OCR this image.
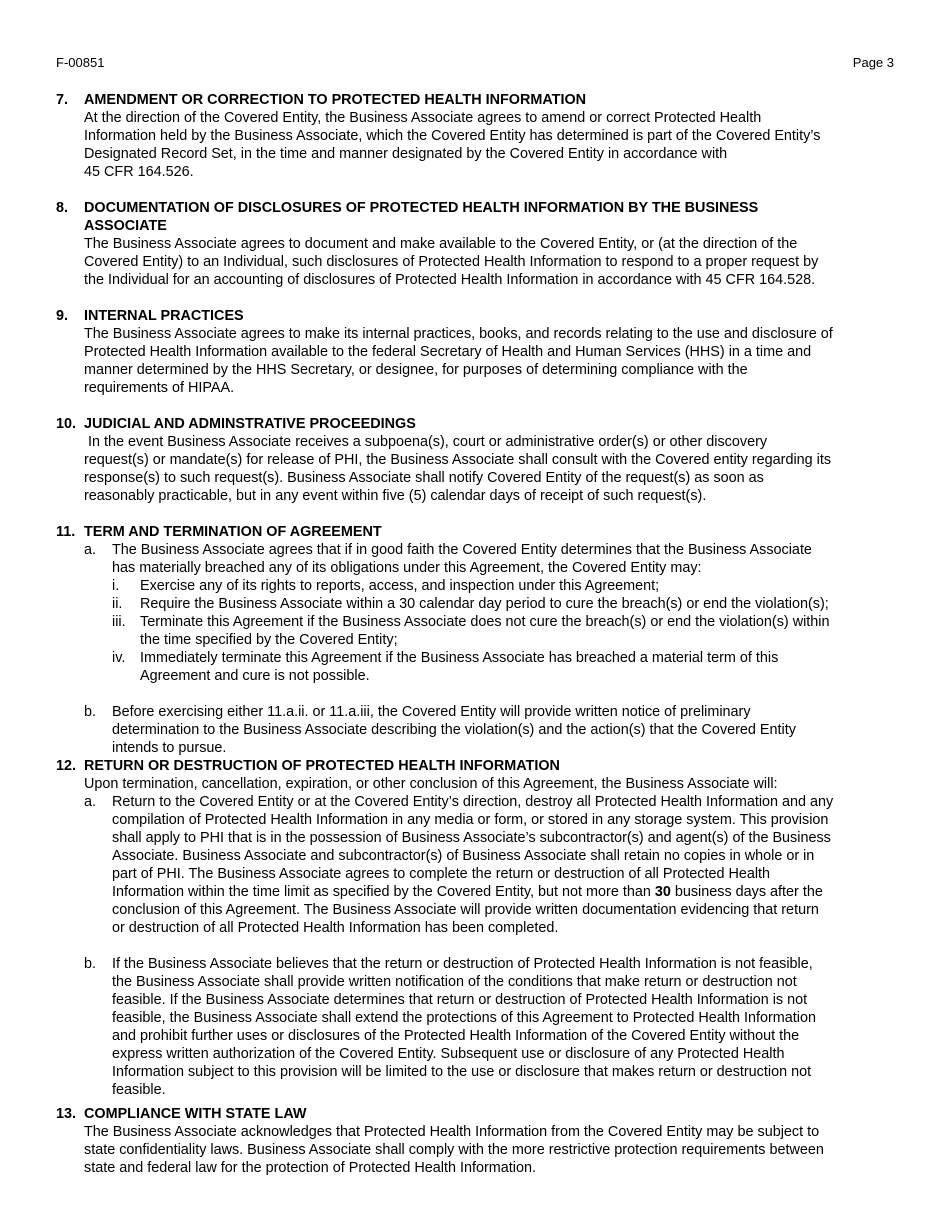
F-00851	Page 3
7.	AMENDMENT OR CORRECTION TO PROTECTED HEALTH INFORMATION

At the direction of the Covered Entity, the Business Associate agrees to amend or correct Protected Health

Information held by the Business Associate, which the Covered Entity has determined is part of the Covered Entity’s

Designated Record Set, in the time and manner designated by the Covered Entity in accordance with

45 CFR 164.526.

8.	DOCUMENTATION OF DISCLOSURES OF PROTECTED HEALTH INFORMATION BY THE BUSINESS
ASSOCIATE

The Business Associate agrees to document and make available to the Covered Entity, or (at the direction of the

Covered Entity) to an Individual, such disclosures of Protected Health Information to respond to a proper request by

the Individual for an accounting of disclosures of Protected Health Information in accordance with 45 CFR 164.528.

9.	INTERNAL PRACTICES

The Business Associate agrees to make its internal practices, books, and records relating to the use and disclosure of

Protected Health Information available to the federal Secretary of Health and Human Services (HHS) in a time and

manner determined by the HHS Secretary, or designee, for purposes of determining compliance with the

requirements of HIPAA.

10. JUDICIAL AND ADMINSTRATIVE PROCEEDINGS

In the event Business Associate receives a subpoena(s), court or administrative order(s) or other discovery

request(s) or mandate(s) for release of PHI, the Business Associate shall consult with the Covered entity regarding its

response(s) to such request(s). Business Associate shall notify Covered Entity of the request(s) as soon as

reasonably practicable, but in any event within five (5) calendar days of receipt of such request(s).

11. TERM AND TERMINATION OF AGREEMENT
a.	The Business Associate agrees that if in good faith the Covered Entity determines that the Business Associate

has materially breached any of its obligations under this Agreement, the Covered Entity may:

i.	Exercise any of its rights to reports, access, and inspection under this Agreement;

ii.	Require the Business Associate within a 30 calendar day period to cure the breach(s) or end the violation(s);

iii.	Terminate this Agreement if the Business Associate does not cure the breach(s) or end the violation(s) within

the time specified by the Covered Entity;

iv.	Immediately terminate this Agreement if the Business Associate has breached a material term of this

Agreement and cure is not possible.

b.	Before exercising either 11.a.ii. or 11.a.iii, the Covered Entity will provide written notice of preliminary

determination to the Business Associate describing the violation(s) and the action(s) that the Covered Entity

intends to pursue.

12. RETURN OR DESTRUCTION OF PROTECTED HEALTH INFORMATION

Upon termination, cancellation, expiration, or other conclusion of this Agreement, the Business Associate will:

a.	Return to the Covered Entity or at the Covered Entity’s direction, destroy all Protected Health Information and any

compilation of Protected Health Information in any media or form, or stored in any storage system. This provision

shall apply to PHI that is in the possession of Business Associate’s subcontractor(s) and agent(s) of the Business

Associate. Business Associate and subcontractor(s) of Business Associate shall retain no copies in whole or in

part of PHI. The Business Associate agrees to complete the return or destruction of all Protected Health

Information within the time limit as specified by the Covered Entity, but not more than 30 business days after the

conclusion of this Agreement. The Business Associate will provide written documentation evidencing that return

or destruction of all Protected Health Information has been completed.

b.	If the Business Associate believes that the return or destruction of Protected Health Information is not feasible,

the Business Associate shall provide written notification of the conditions that make return or destruction not

feasible. If the Business Associate determines that return or destruction of Protected Health Information is not

feasible, the Business Associate shall extend the protections of this Agreement to Protected Health Information

and prohibit further uses or disclosures of the Protected Health Information of the Covered Entity without the

express written authorization of the Covered Entity. Subsequent use or disclosure of any Protected Health

Information subject to this provision will be limited to the use or disclosure that makes return or destruction not

feasible.

13. COMPLIANCE WITH STATE LAW

The Business Associate acknowledges that Protected Health Information from the Covered Entity may be subject to

state confidentiality laws. Business Associate shall comply with the more restrictive protection requirements between

state and federal law for the protection of Protected Health Information.
